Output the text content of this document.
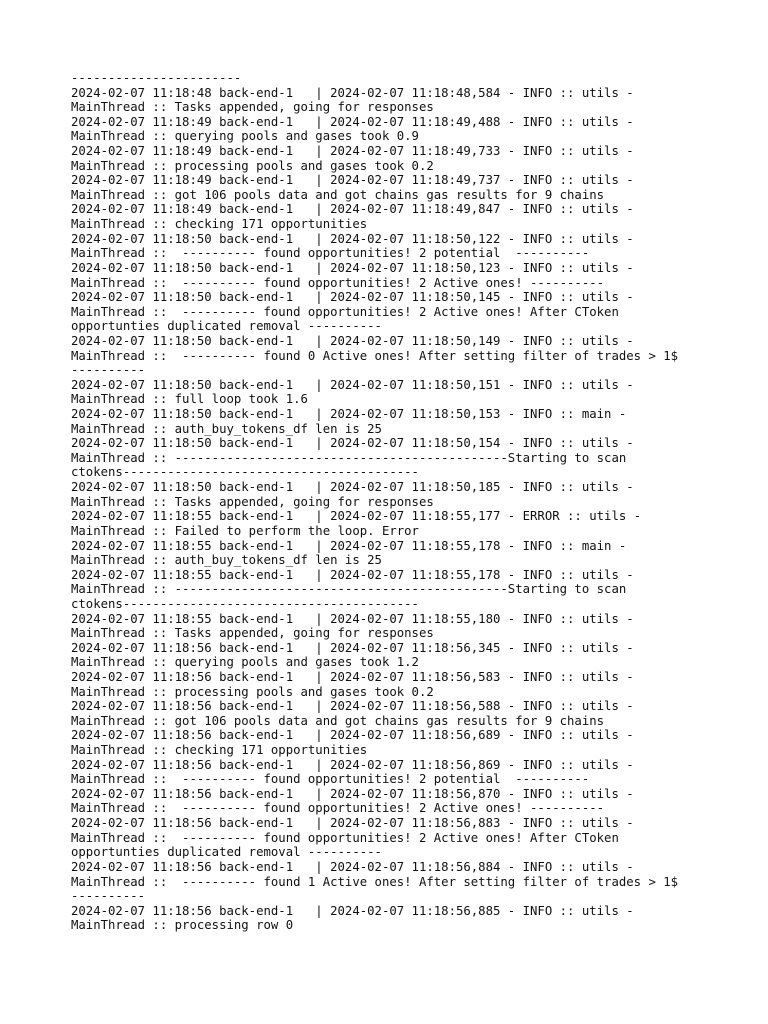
-----------------------
2024-02-07 11:18:48 back-end-1   | 2024-02-07 11:18:48,584 - INFO :: utils -
MainThread :: Tasks appended, going for responses
2024-02-07 11:18:49 back-end-1   | 2024-02-07 11:18:49,488 - INFO :: utils -
MainThread :: querying pools and gases took 0.9
2024-02-07 11:18:49 back-end-1   | 2024-02-07 11:18:49,733 - INFO :: utils -
MainThread :: processing pools and gases took 0.2
2024-02-07 11:18:49 back-end-1   | 2024-02-07 11:18:49,737 - INFO :: utils -
MainThread :: got 106 pools data and got chains gas results for 9 chains
2024-02-07 11:18:49 back-end-1   | 2024-02-07 11:18:49,847 - INFO :: utils -
MainThread :: checking 171 opportunities
2024-02-07 11:18:50 back-end-1   | 2024-02-07 11:18:50,122 - INFO :: utils -
MainThread ::  ---------- found opportunities! 2 potential  ----------
2024-02-07 11:18:50 back-end-1   | 2024-02-07 11:18:50,123 - INFO :: utils -
MainThread ::  ---------- found opportunities! 2 Active ones! ----------
2024-02-07 11:18:50 back-end-1   | 2024-02-07 11:18:50,145 - INFO :: utils -
MainThread ::  ---------- found opportunities! 2 Active ones! After CToken
opportunties duplicated removal ----------
2024-02-07 11:18:50 back-end-1   | 2024-02-07 11:18:50,149 - INFO :: utils -
MainThread ::  ---------- found 0 Active ones! After setting filter of trades > 1$
----------
2024-02-07 11:18:50 back-end-1   | 2024-02-07 11:18:50,151 - INFO :: utils -
MainThread :: full loop took 1.6
2024-02-07 11:18:50 back-end-1   | 2024-02-07 11:18:50,153 - INFO :: main -
MainThread :: auth_buy_tokens_df len is 25
2024-02-07 11:18:50 back-end-1   | 2024-02-07 11:18:50,154 - INFO :: utils -
MainThread :: ---------------------------------------------Starting to scan
ctokens----------------------------------------
2024-02-07 11:18:50 back-end-1   | 2024-02-07 11:18:50,185 - INFO :: utils -
MainThread :: Tasks appended, going for responses
2024-02-07 11:18:55 back-end-1   | 2024-02-07 11:18:55,177 - ERROR :: utils -
MainThread :: Failed to perform the loop. Error
2024-02-07 11:18:55 back-end-1   | 2024-02-07 11:18:55,178 - INFO :: main -
MainThread :: auth_buy_tokens_df len is 25
2024-02-07 11:18:55 back-end-1   | 2024-02-07 11:18:55,178 - INFO :: utils -
MainThread :: ---------------------------------------------Starting to scan
ctokens----------------------------------------
2024-02-07 11:18:55 back-end-1   | 2024-02-07 11:18:55,180 - INFO :: utils -
MainThread :: Tasks appended, going for responses
2024-02-07 11:18:56 back-end-1   | 2024-02-07 11:18:56,345 - INFO :: utils -
MainThread :: querying pools and gases took 1.2
2024-02-07 11:18:56 back-end-1   | 2024-02-07 11:18:56,583 - INFO :: utils -
MainThread :: processing pools and gases took 0.2
2024-02-07 11:18:56 back-end-1   | 2024-02-07 11:18:56,588 - INFO :: utils -
MainThread :: got 106 pools data and got chains gas results for 9 chains
2024-02-07 11:18:56 back-end-1   | 2024-02-07 11:18:56,689 - INFO :: utils -
MainThread :: checking 171 opportunities
2024-02-07 11:18:56 back-end-1   | 2024-02-07 11:18:56,869 - INFO :: utils -
MainThread ::  ---------- found opportunities! 2 potential  ----------
2024-02-07 11:18:56 back-end-1   | 2024-02-07 11:18:56,870 - INFO :: utils -
MainThread ::  ---------- found opportunities! 2 Active ones! ----------
2024-02-07 11:18:56 back-end-1   | 2024-02-07 11:18:56,883 - INFO :: utils -
MainThread ::  ---------- found opportunities! 2 Active ones! After CToken
opportunties duplicated removal ----------
2024-02-07 11:18:56 back-end-1   | 2024-02-07 11:18:56,884 - INFO :: utils -
MainThread ::  ---------- found 1 Active ones! After setting filter of trades > 1$
----------
2024-02-07 11:18:56 back-end-1   | 2024-02-07 11:18:56,885 - INFO :: utils -
MainThread :: processing row 0
